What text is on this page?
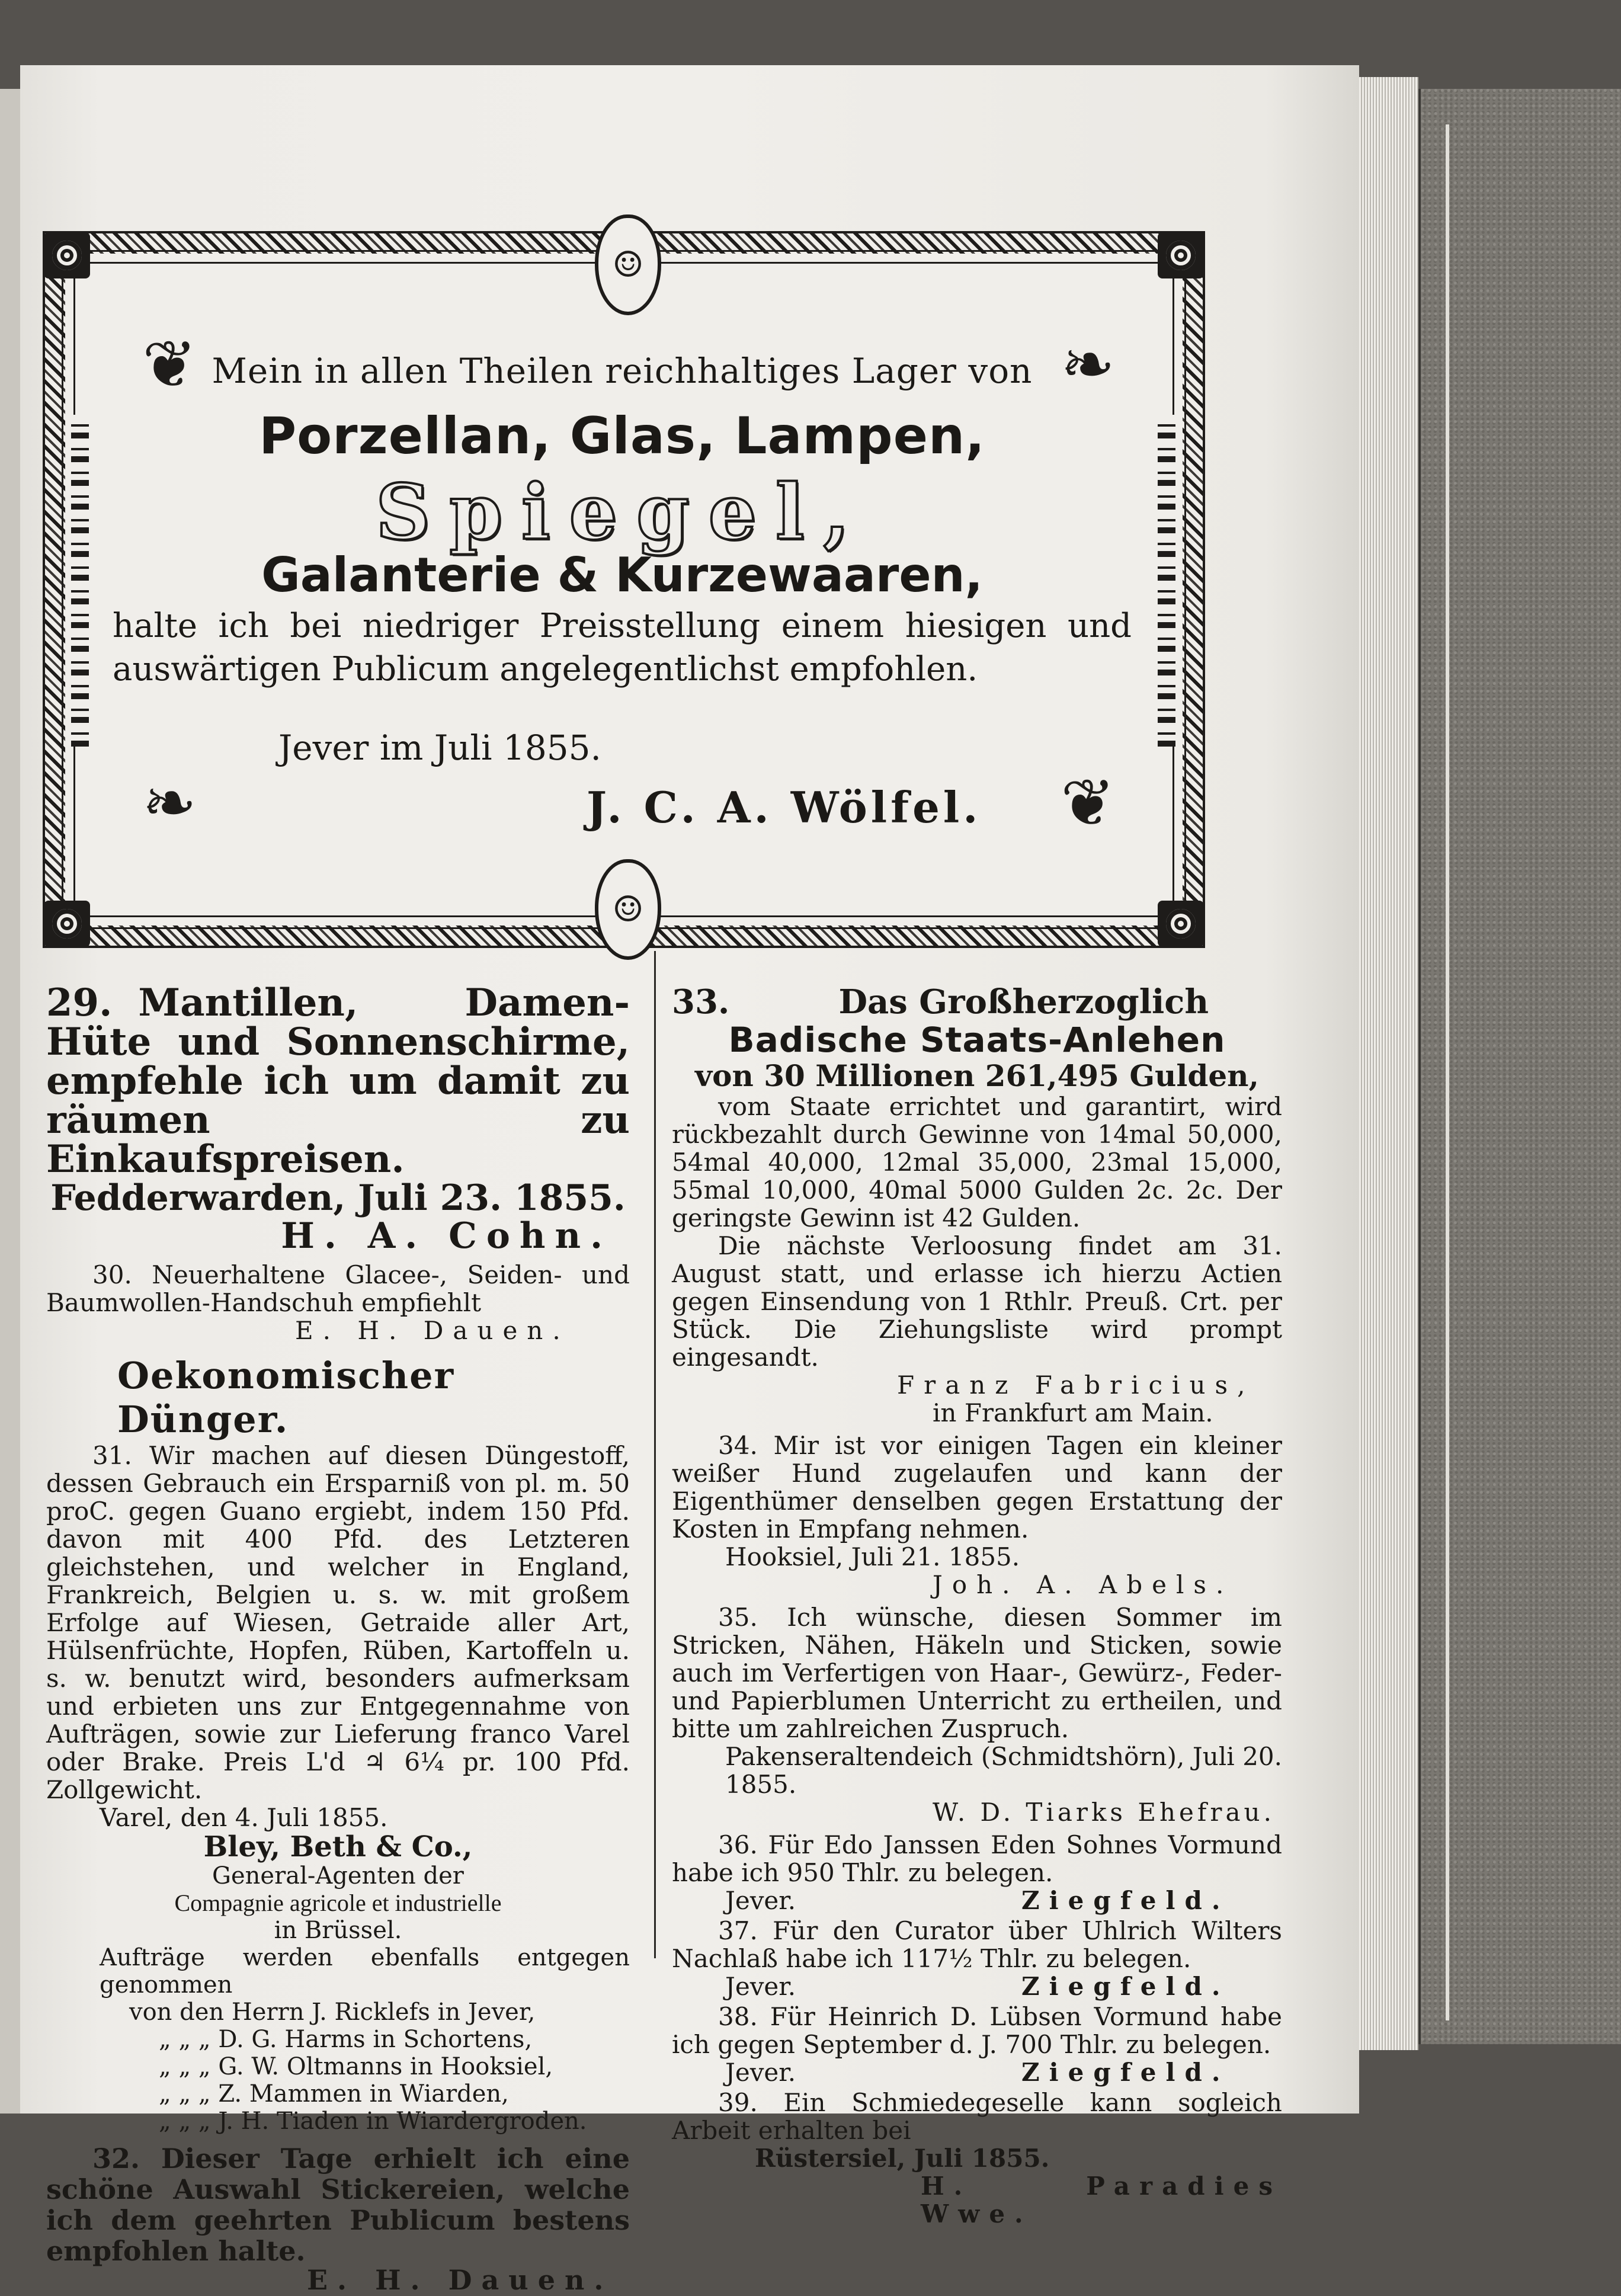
☺
☺
❦	❧
❧	❦
Mein in allen Theilen reichhaltiges Lager von
Porzellan, Glas, Lampen,
Spiegel,
Galanterie & Kurzewaaren,
halte ich bei niedriger Preisstellung einem hiesigen und auswärtigen Publicum angelegentlichst empfohlen.
Jever im Juli 1855.
J. C. A. Wölfel.

29. Mantillen, Damen-Hüte und Sonnenschirme, empfehle ich um damit zu räumen zu Einkaufspreisen.

Fedderwarden, Juli 23. 1855.

H. A. Cohn.

30. Neuerhaltene Glacee-, Seiden- und Baumwollen-Handschuh empfiehlt

E. H. Dauen.

Oekonomischer Dünger.

31. Wir machen auf diesen Düngestoff, dessen Gebrauch ein Ersparniß von pl. m. 50 proC. gegen Guano ergiebt, indem 150 Pfd. davon mit 400 Pfd. des Letzteren gleichstehen, und welcher in England, Frankreich, Belgien u. s. w. mit großem Erfolge auf Wiesen, Getraide aller Art, Hülsenfrüchte, Hopfen, Rüben, Kartoffeln u. s. w. benutzt wird, besonders aufmerksam und erbieten uns zur Entgegennahme von Aufträgen, sowie zur Lieferung franco Varel oder Brake. Preis L'd ♃ 6¼ pr. 100 Pfd. Zollgewicht.

Varel, den 4. Juli 1855.

Bley, Beth & Co.,

General-Agenten der

Compagnie agricole et industrielle

in Brüssel.

Aufträge werden ebenfalls entgegen genommen

von den Herrn J. Ricklefs in Jever,

„ „ „ D. G. Harms in Schortens,

„ „ „ G. W. Oltmanns in Hooksiel,

„ „ „ Z. Mammen in Wiarden,

„ „ „ J. H. Tiaden in Wiardergroden.

32. Dieser Tage erhielt ich eine schöne Auswahl Stickereien, welche ich dem geehrten Publicum bestens empfohlen halte.

E. H. Dauen.

33.	Das Großherzoglich

Badische Staats-Anlehen

von 30 Millionen 261,495 Gulden,

vom Staate errichtet und garantirt, wird rückbezahlt durch Gewinne von 14mal 50,000, 54mal 40,000, 12mal 35,000, 23mal 15,000, 55mal 10,000, 40mal 5000 Gulden 2c. 2c. Der geringste Gewinn ist 42 Gulden.

Die nächste Verloosung findet am 31. August statt, und erlasse ich hierzu Actien gegen Einsendung von 1 Rthlr. Preuß. Crt. per Stück. Die Ziehungsliste wird prompt eingesandt.

Franz Fabricius,

in Frankfurt am Main.

34. Mir ist vor einigen Tagen ein kleiner weißer Hund zugelaufen und kann der Eigenthümer denselben gegen Erstattung der Kosten in Empfang nehmen.

Hooksiel, Juli 21. 1855.

Joh. A. Abels.

35. Ich wünsche, diesen Sommer im Stricken, Nähen, Häkeln und Sticken, sowie auch im Verfertigen von Haar-, Gewürz-, Feder- und Papierblumen Unterricht zu ertheilen, und bitte um zahlreichen Zuspruch.

Pakenseraltendeich (Schmidtshörn), Juli 20. 1855.

W. D. Tiarks Ehefrau.

36. Für Edo Janssen Eden Sohnes Vormund habe ich 950 Thlr. zu belegen.

Jever.	Ziegfeld.

37. Für den Curator über Uhlrich Wilters Nachlaß habe ich 117½ Thlr. zu belegen.

Jever.	Ziegfeld.

38. Für Heinrich D. Lübsen Vormund habe ich gegen September d. J. 700 Thlr. zu belegen.

Jever.	Ziegfeld.

39. Ein Schmiedegeselle kann sogleich Arbeit erhalten bei

Rüstersiel, Juli 1855.

H. Paradies Wwe.
